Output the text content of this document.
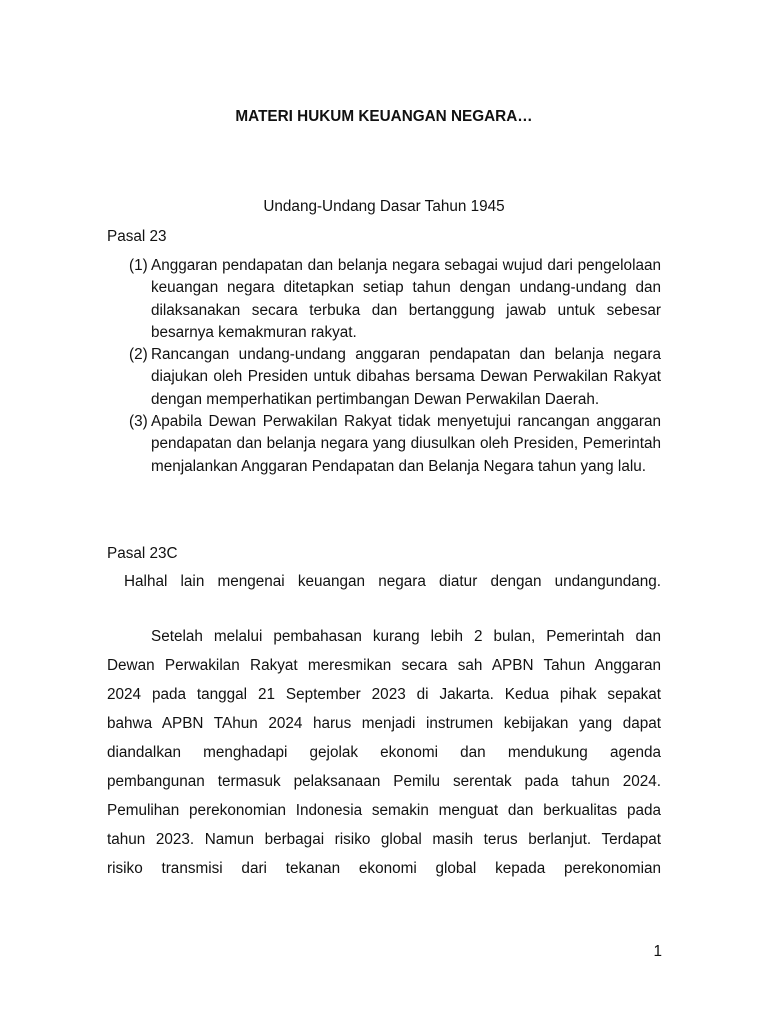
MATERI HUKUM KEUANGAN NEGARA…

Undang-Undang Dasar Tahun 1945

Pasal 23

(1) Anggaran pendapatan dan belanja negara sebagai wujud dari pengelolaan keuangan negara ditetapkan setiap tahun dengan undang-undang dan dilaksanakan secara terbuka dan bertanggung jawab untuk sebesar besarnya kemakmuran rakyat.
(2) Rancangan undang-undang anggaran pendapatan dan belanja negara diajukan oleh Presiden untuk dibahas bersama Dewan Perwakilan Rakyat dengan memperhatikan pertimbangan Dewan Perwakilan Daerah.
(3) Apabila Dewan Perwakilan Rakyat tidak menyetujui rancangan anggaran pendapatan dan belanja negara yang diusulkan oleh Presiden, Pemerintah menjalankan Anggaran Pendapatan dan Belanja Negara tahun yang lalu.

Pasal 23C

Halhal lain mengenai keuangan negara diatur dengan undangundang.

Setelah melalui pembahasan kurang lebih 2 bulan, Pemerintah dan
Dewan Perwakilan Rakyat meresmikan secara sah APBN Tahun Anggaran
2024 pada tanggal 21 September 2023 di Jakarta. Kedua pihak sepakat
bahwa APBN TAhun 2024 harus menjadi instrumen kebijakan yang dapat
diandalkan menghadapi gejolak ekonomi dan mendukung agenda
pembangunan termasuk pelaksanaan Pemilu serentak pada tahun 2024.
Pemulihan perekonomian Indonesia semakin menguat dan berkualitas pada
tahun 2023. Namun berbagai risiko global masih terus berlanjut. Terdapat
risiko transmisi dari tekanan ekonomi global kepada perekonomian

1
